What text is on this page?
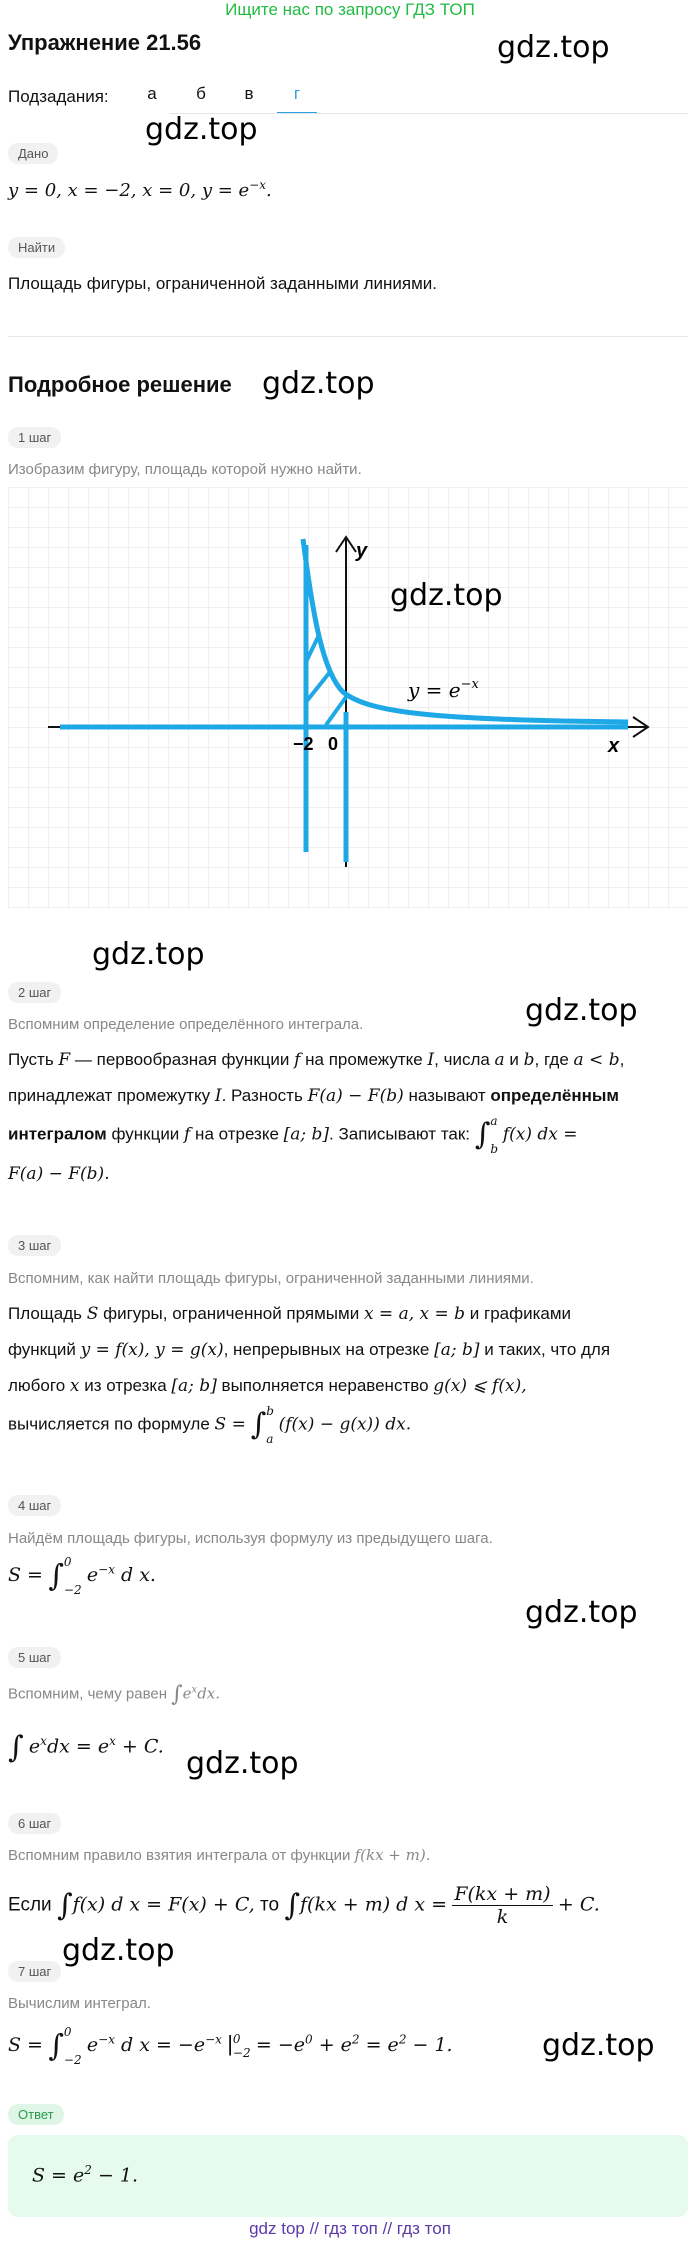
Ищите нас по запросу ГДЗ ТОП
Упражнение 21.56	gdz.top
Подзадания:	а	б	в	г
gdz.top
Дано
y = 0, x = −2, x = 0, $y = e^{-x}$.
Найти
Площадь фигуры, ограниченной заданными линиями.
Подробное решение gdz.top
1 шаг
Изобразим фигуру, площадь которой нужно найти.
y
x
−2 0
$y = e^{-x}$
gdz.top
gdz.top
2 шаг
gdz.top
Вспомним определение определённого интеграла.
Пусть F — первообразная функции f на промежутке I, числа a и b, где a < b,
принадлежат промежутку I. Разность F(a) − F(b) называют определённым
интегралом функции f на отрезке [a; b]. Записывают так: ∫a

b f(x) dx =
F(a) − F(b).
3 шаг
Вспомним, как найти площадь фигуры, ограниченной заданными линиями.
Площадь S фигуры, ограниченной прямыми x = a, x = b и графиками
функций y = f(x), y = g(x), непрерывных на отрезке [a; b] и таких, что для
любого x из отрезка [a; b] выполняется неравенство g(x) ⩽ f(x),
вычисляется по формуле S = ∫b

a (f(x) − g(x)) dx.
4 шаг
Найдём площадь фигуры, используя формулу из предыдущего шага.
S = ∫0

−2 $e^{-x}$ d x.
gdz.top
5 шаг
Вспомним, чему равен $\int e^xdx$.
∫ $e^xdx = e^x + C$. gdz.top
6 шаг
Вспомним правило взятия интеграла от функции f(kx + m).
Если ∫f(x) d x = F(x) + C, то ∫f(kx + m) d $x = \frac{F(kx + m)}{k} + C$.
gdz.top
7 шаг
Вычислим интеграл.
S = ∫0

−2 $e^{-x}$ d $x = -e^{-x}$ |0
$-2 = -e^0 + e^2 = e^2 - 1$.	gdz.top
Ответ
$S = e^2 - 1$.
gdz top // гдз топ // гдз топ
